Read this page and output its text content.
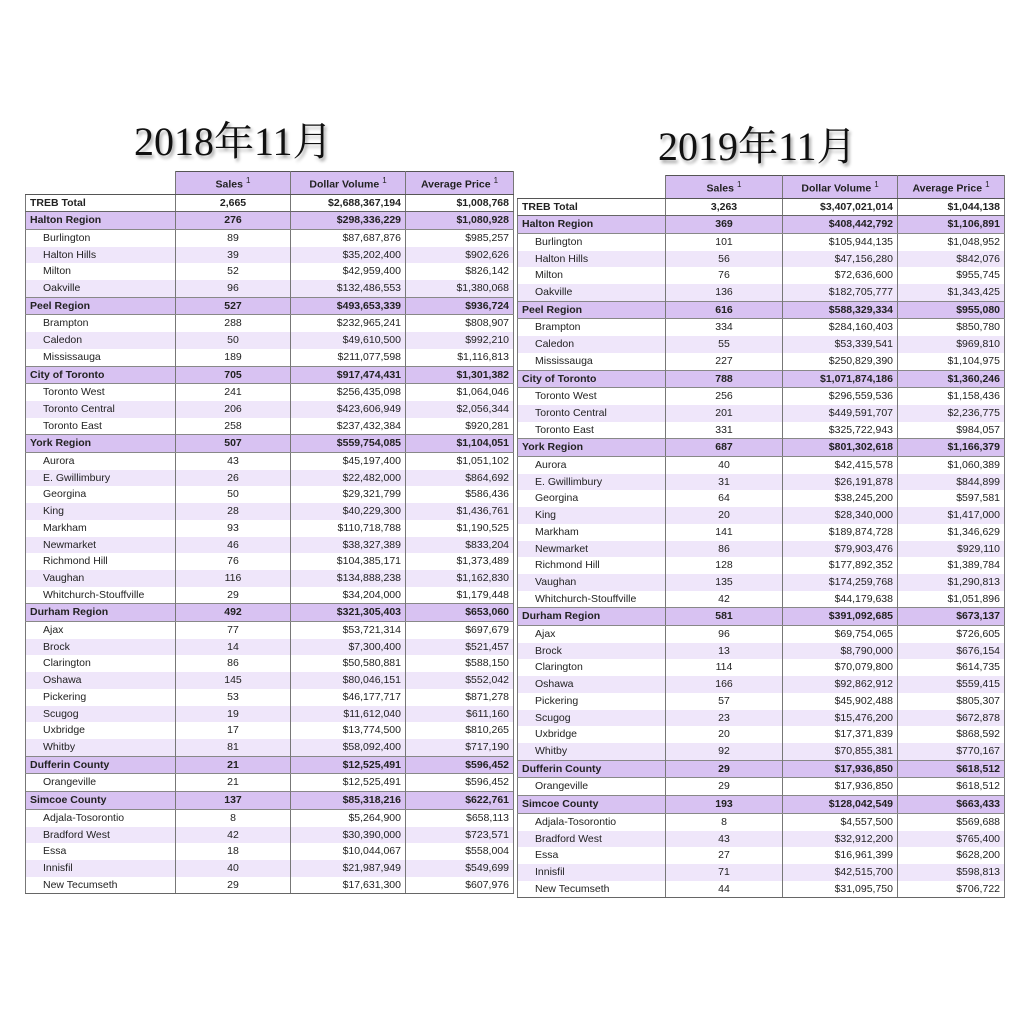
2018年11月
	Sales $^1$	Dollar Volume $^1$	Average Price $^1$
TREB Total	2,665	$2,688,367,194	$1,008,768
Halton Region	276	$298,336,229	$1,080,928
Burlington	89	$87,687,876	$985,257
Halton Hills	39	$35,202,400	$902,626
Milton	52	$42,959,400	$826,142
Oakville	96	$132,486,553	$1,380,068
Peel Region	527	$493,653,339	$936,724
Brampton	288	$232,965,241	$808,907
Caledon	50	$49,610,500	$992,210
Mississauga	189	$211,077,598	$1,116,813
City of Toronto	705	$917,474,431	$1,301,382
Toronto West	241	$256,435,098	$1,064,046
Toronto Central	206	$423,606,949	$2,056,344
Toronto East	258	$237,432,384	$920,281
York Region	507	$559,754,085	$1,104,051
Aurora	43	$45,197,400	$1,051,102
E. Gwillimbury	26	$22,482,000	$864,692
Georgina	50	$29,321,799	$586,436
King	28	$40,229,300	$1,436,761
Markham	93	$110,718,788	$1,190,525
Newmarket	46	$38,327,389	$833,204
Richmond Hill	76	$104,385,171	$1,373,489
Vaughan	116	$134,888,238	$1,162,830
Whitchurch-Stouffville	29	$34,204,000	$1,179,448
Durham Region	492	$321,305,403	$653,060
Ajax	77	$53,721,314	$697,679
Brock	14	$7,300,400	$521,457
Clarington	86	$50,580,881	$588,150
Oshawa	145	$80,046,151	$552,042
Pickering	53	$46,177,717	$871,278
Scugog	19	$11,612,040	$611,160
Uxbridge	17	$13,774,500	$810,265
Whitby	81	$58,092,400	$717,190
Dufferin County	21	$12,525,491	$596,452
Orangeville	21	$12,525,491	$596,452
Simcoe County	137	$85,318,216	$622,761
Adjala-Tosorontio	8	$5,264,900	$658,113
Bradford West	42	$30,390,000	$723,571
Essa	18	$10,044,067	$558,004
Innisfil	40	$21,987,949	$549,699
New Tecumseth	29	$17,631,300	$607,976
2019年11月
	Sales $^1$	Dollar Volume $^1$	Average Price $^1$
TREB Total	3,263	$3,407,021,014	$1,044,138
Halton Region	369	$408,442,792	$1,106,891
Burlington	101	$105,944,135	$1,048,952
Halton Hills	56	$47,156,280	$842,076
Milton	76	$72,636,600	$955,745
Oakville	136	$182,705,777	$1,343,425
Peel Region	616	$588,329,334	$955,080
Brampton	334	$284,160,403	$850,780
Caledon	55	$53,339,541	$969,810
Mississauga	227	$250,829,390	$1,104,975
City of Toronto	788	$1,071,874,186	$1,360,246
Toronto West	256	$296,559,536	$1,158,436
Toronto Central	201	$449,591,707	$2,236,775
Toronto East	331	$325,722,943	$984,057
York Region	687	$801,302,618	$1,166,379
Aurora	40	$42,415,578	$1,060,389
E. Gwillimbury	31	$26,191,878	$844,899
Georgina	64	$38,245,200	$597,581
King	20	$28,340,000	$1,417,000
Markham	141	$189,874,728	$1,346,629
Newmarket	86	$79,903,476	$929,110
Richmond Hill	128	$177,892,352	$1,389,784
Vaughan	135	$174,259,768	$1,290,813
Whitchurch-Stouffville	42	$44,179,638	$1,051,896
Durham Region	581	$391,092,685	$673,137
Ajax	96	$69,754,065	$726,605
Brock	13	$8,790,000	$676,154
Clarington	114	$70,079,800	$614,735
Oshawa	166	$92,862,912	$559,415
Pickering	57	$45,902,488	$805,307
Scugog	23	$15,476,200	$672,878
Uxbridge	20	$17,371,839	$868,592
Whitby	92	$70,855,381	$770,167
Dufferin County	29	$17,936,850	$618,512
Orangeville	29	$17,936,850	$618,512
Simcoe County	193	$128,042,549	$663,433
Adjala-Tosorontio	8	$4,557,500	$569,688
Bradford West	43	$32,912,200	$765,400
Essa	27	$16,961,399	$628,200
Innisfil	71	$42,515,700	$598,813
New Tecumseth	44	$31,095,750	$706,722
